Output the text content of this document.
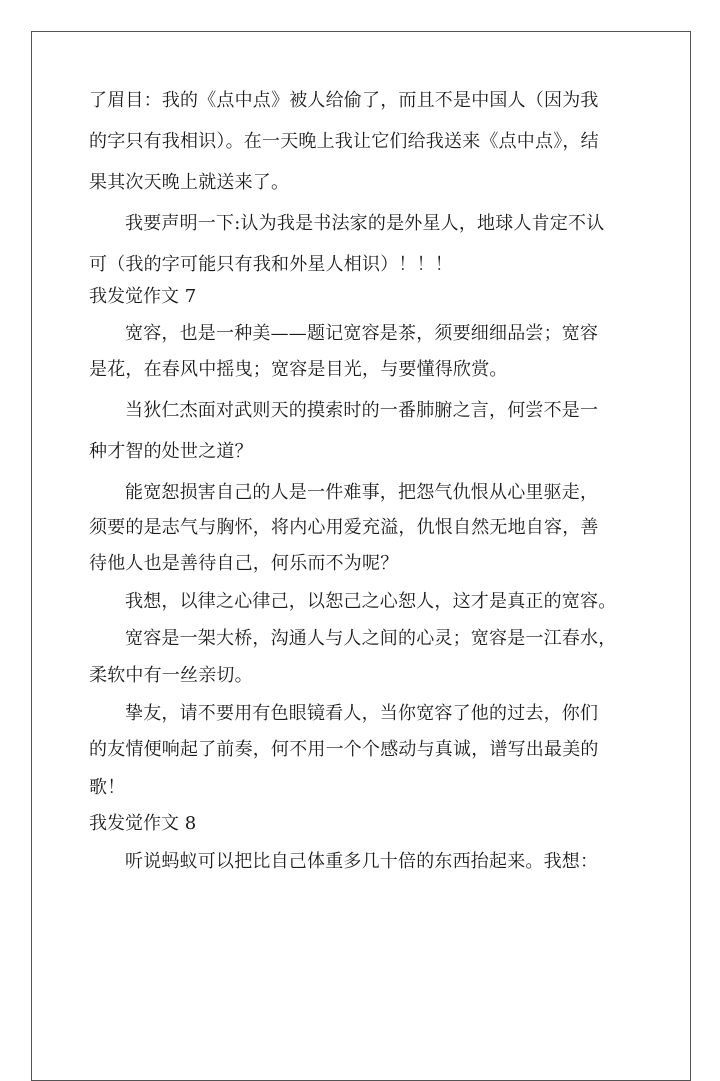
了眉目：我的《点中点》被人给偷了，而且不是中国人（因为我
的字只有我相识）。在一天晚上我让它们给我送来《点中点》，结
果其次天晚上就送来了。
我要声明一下:认为我是书法家的是外星人，地球人肯定不认
可（我的字可能只有我和外星人相识）！！！
我发觉作文 7
宽容，也是一种美——题记宽容是茶，须要细细品尝；宽容
是花，在春风中摇曳；宽容是目光，与要懂得欣赏。
当狄仁杰面对武则天的摸索时的一番肺腑之言，何尝不是一
种才智的处世之道？
能宽恕损害自己的人是一件难事，把怨气仇恨从心里驱走，
须要的是志气与胸怀，将内心用爱充溢，仇恨自然无地自容，善
待他人也是善待自己，何乐而不为呢？
我想，以律之心律己，以恕己之心恕人，这才是真正的宽容。
宽容是一架大桥，沟通人与人之间的心灵；宽容是一江春水，
柔软中有一丝亲切。
挚友，请不要用有色眼镜看人，当你宽容了他的过去，你们
的友情便响起了前奏，何不用一个个感动与真诚，谱写出最美的
歌！
我发觉作文 8
听说蚂蚁可以把比自己体重多几十倍的东西抬起来。我想：
